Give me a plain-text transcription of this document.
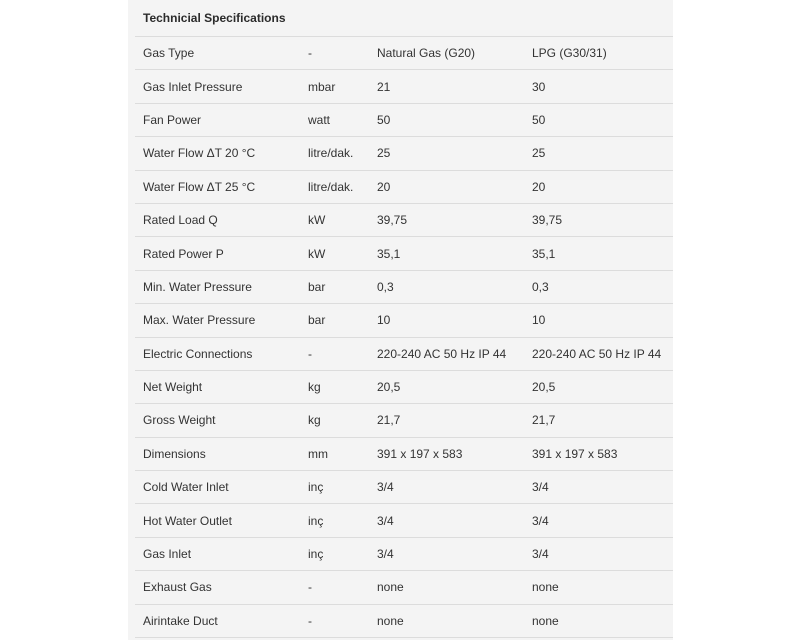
Technicial Specifications
Gas Type	-	Natural Gas (G20)	LPG (G30/31)
Gas Inlet Pressure	mbar	21	30
Fan Power	watt	50	50
Water Flow ΔT 20 °C	litre/dak.	25	25
Water Flow ΔT 25 °C	litre/dak.	20	20
Rated Load Q	kW	39,75	39,75
Rated Power P	kW	35,1	35,1
Min. Water Pressure	bar	0,3	0,3
Max. Water Pressure	bar	10	10
Electric Connections	-	220-240 AC 50 Hz IP 44	220-240 AC 50 Hz IP 44
Net Weight	kg	20,5	20,5
Gross Weight	kg	21,7	21,7
Dimensions	mm	391 x 197 x 583	391 x 197 x 583
Cold Water Inlet	inç	3/4	3/4
Hot Water Outlet	inç	3/4	3/4
Gas Inlet	inç	3/4	3/4
Exhaust Gas	-	none	none
Airintake Duct	-	none	none
